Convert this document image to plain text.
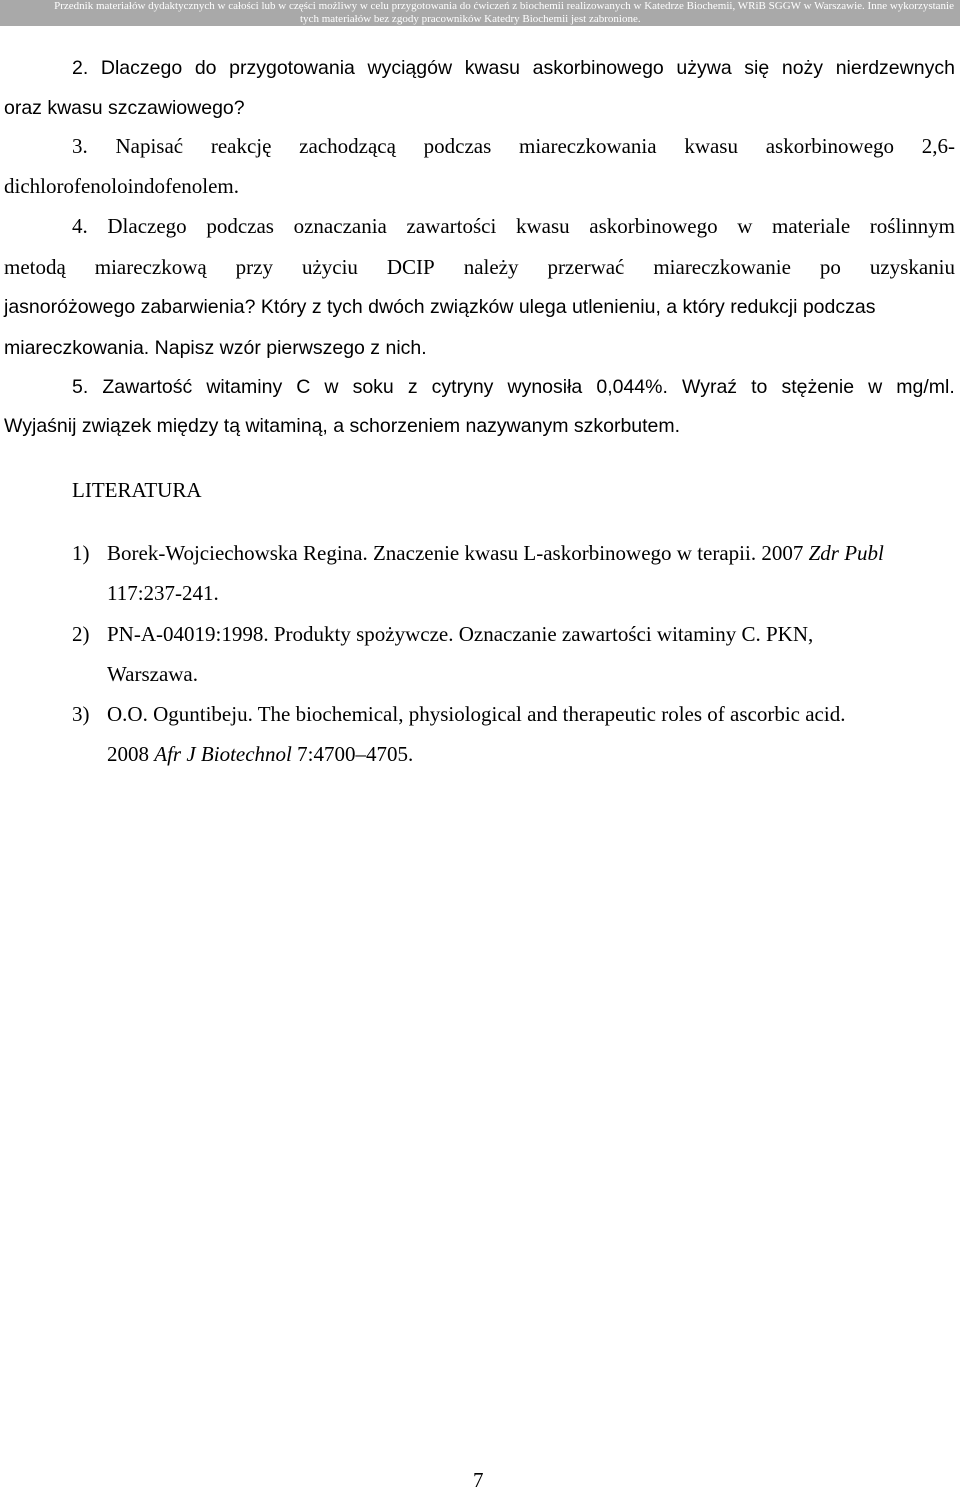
Przednik materiałów dydaktycznych w całości lub w części możliwy w celu przygotowania do ćwiczeń z biochemii realizowanych w Katedrze Biochemii, WRiB SGGW w Warszawie. Inne wykorzystanie
tych materiałów bez zgody pracowników Katedry Biochemii jest zabronione.
2. Dlaczego do przygotowania wyciągów kwasu askorbinowego używa się noży nierdzewnych
oraz kwasu szczawiowego?
3. Napisać reakcję zachodzącą podczas miareczkowania kwasu askorbinowego 2,6-
dichlorofenoloindofenolem.
4. Dlaczego podczas oznaczania zawartości kwasu askorbinowego w materiale roślinnym
metodą miareczkową przy użyciu DCIP należy przerwać miareczkowanie po uzyskaniu
jasnoróżowego zabarwienia? Który z tych dwóch związków ulega utlenieniu, a który redukcji podczas
miareczkowania. Napisz wzór pierwszego z nich.
5. Zawartość witaminy C w soku z cytryny wynosiła 0,044%. Wyraź to stężenie w mg/ml.
Wyjaśnij związek między tą witaminą, a schorzeniem nazywanym szkorbutem.
LITERATURA
1) Borek-Wojciechowska Regina. Znaczenie kwasu L-askorbinowego w terapii. 2007 Zdr Publ
117:237-241.
2) PN-A-04019:1998. Produkty spożywcze. Oznaczanie zawartości witaminy C. PKN,
Warszawa.
3) O.O. Oguntibeju. The biochemical, physiological and therapeutic roles of ascorbic acid.
2008 Afr J Biotechnol 7:4700–4705.
7
